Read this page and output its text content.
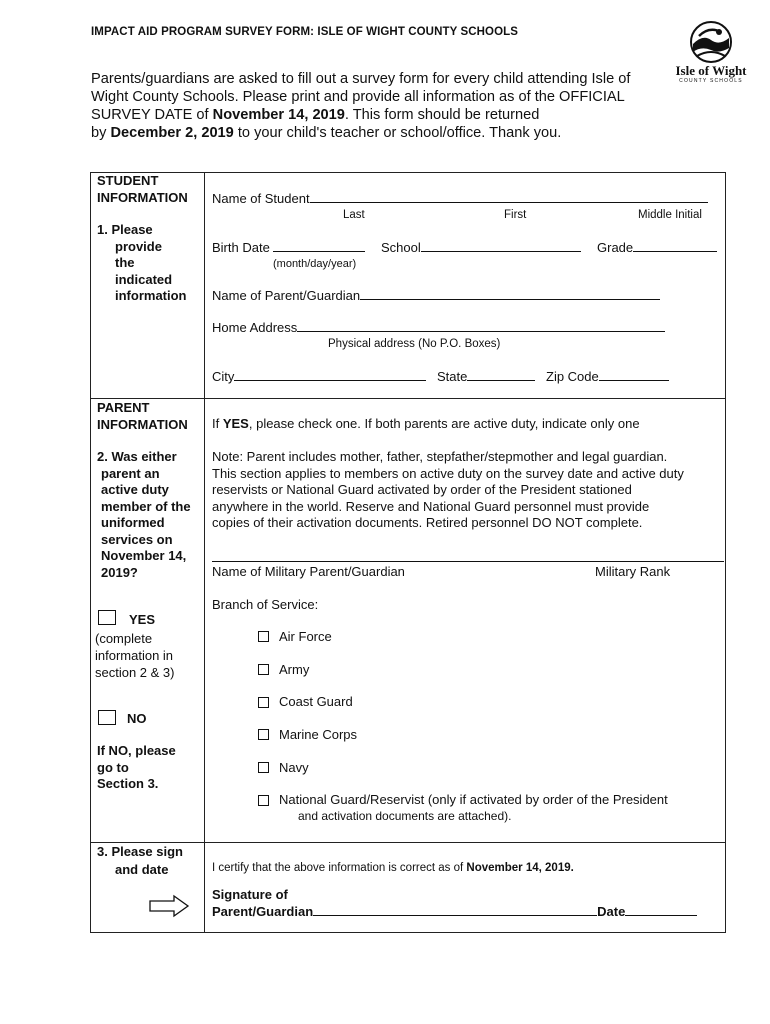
IMPACT AID PROGRAM SURVEY FORM: ISLE OF WIGHT COUNTY SCHOOLS
Isle of Wight
COUNTY SCHOOLS
Parents/guardians are asked to fill out a survey form for every child attending Isle of
Wight County Schools. Please print and provide all information as of the OFFICIAL
SURVEY DATE of November 14, 2019. This form should be returned
by December 2, 2019 to your child's teacher or school/office. Thank you.
STUDENT
INFORMATION
1. Please
provide
the
indicated
information
Name of Student
Last	First	Middle Initial
Birth Date	School	Grade
(month/day/year)
Name of Parent/Guardian
Home Address
Physical address (No P.O. Boxes)
City	State	Zip Code
PARENT
INFORMATION
2. Was either
parent an
active duty
member of the
uniformed
services on
November 14,
2019?
YES
(complete
information in
section 2 & 3)
NO
If NO, please
go to
Section 3.
If YES, please check one. If both parents are active duty, indicate only one
Note: Parent includes mother, father, stepfather/stepmother and legal guardian.
This section applies to members on active duty on the survey date and active duty
reservists or National Guard activated by order of the President stationed
anywhere in the world. Reserve and National Guard personnel must provide
copies of their activation documents. Retired personnel DO NOT complete.
Name of Military Parent/Guardian	Military Rank
Branch of Service:
Air Force
Army
Coast Guard
Marine Corps
Navy
National Guard/Reservist (only if activated by order of the President
and activation documents are attached).
3. Please sign
and date	I certify that the above information is correct as of November 14, 2019.
Signature of
Parent/Guardian	Date
